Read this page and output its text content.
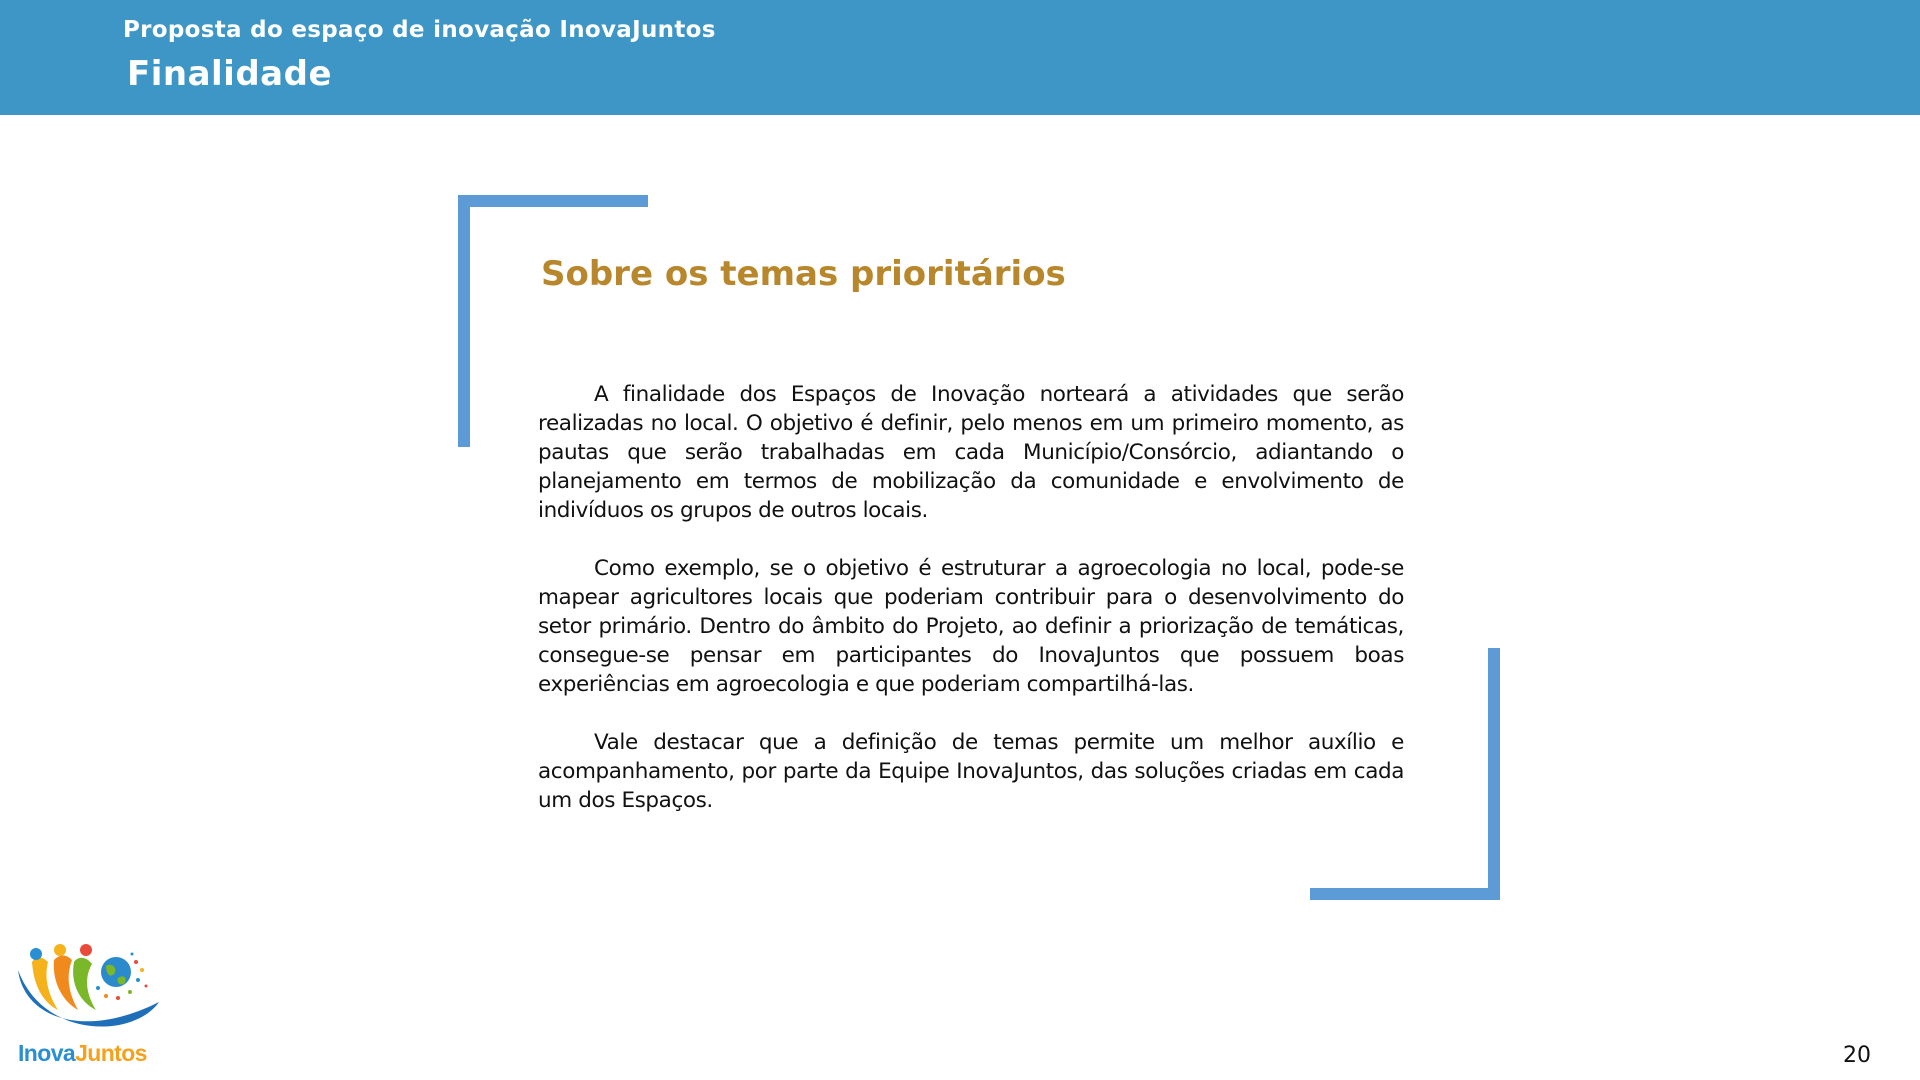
Proposta do espaço de inovação InovaJuntos
Finalidade
Sobre os temas prioritários

A finalidade dos Espaços de Inovação norteará a atividades que serão realizadas no local. O objetivo é definir, pelo menos em um primeiro momento, as pautas que serão trabalhadas em cada Município/Consórcio, adiantando o planejamento em termos de mobilização da comunidade e envolvimento de indivíduos os grupos de outros locais.

Como exemplo, se o objetivo é estruturar a agroecologia no local, pode-se mapear agricultores locais que poderiam contribuir para o desenvolvimento do setor primário. Dentro do âmbito do Projeto, ao definir a priorização de temáticas, consegue-se pensar em participantes do InovaJuntos que possuem boas experiências em agroecologia e que poderiam compartilhá-las.

Vale destacar que a definição de temas permite um melhor auxílio e acompanhamento, por parte da Equipe InovaJuntos, das soluções criadas em cada um dos Espaços.

InovaJuntos	20
